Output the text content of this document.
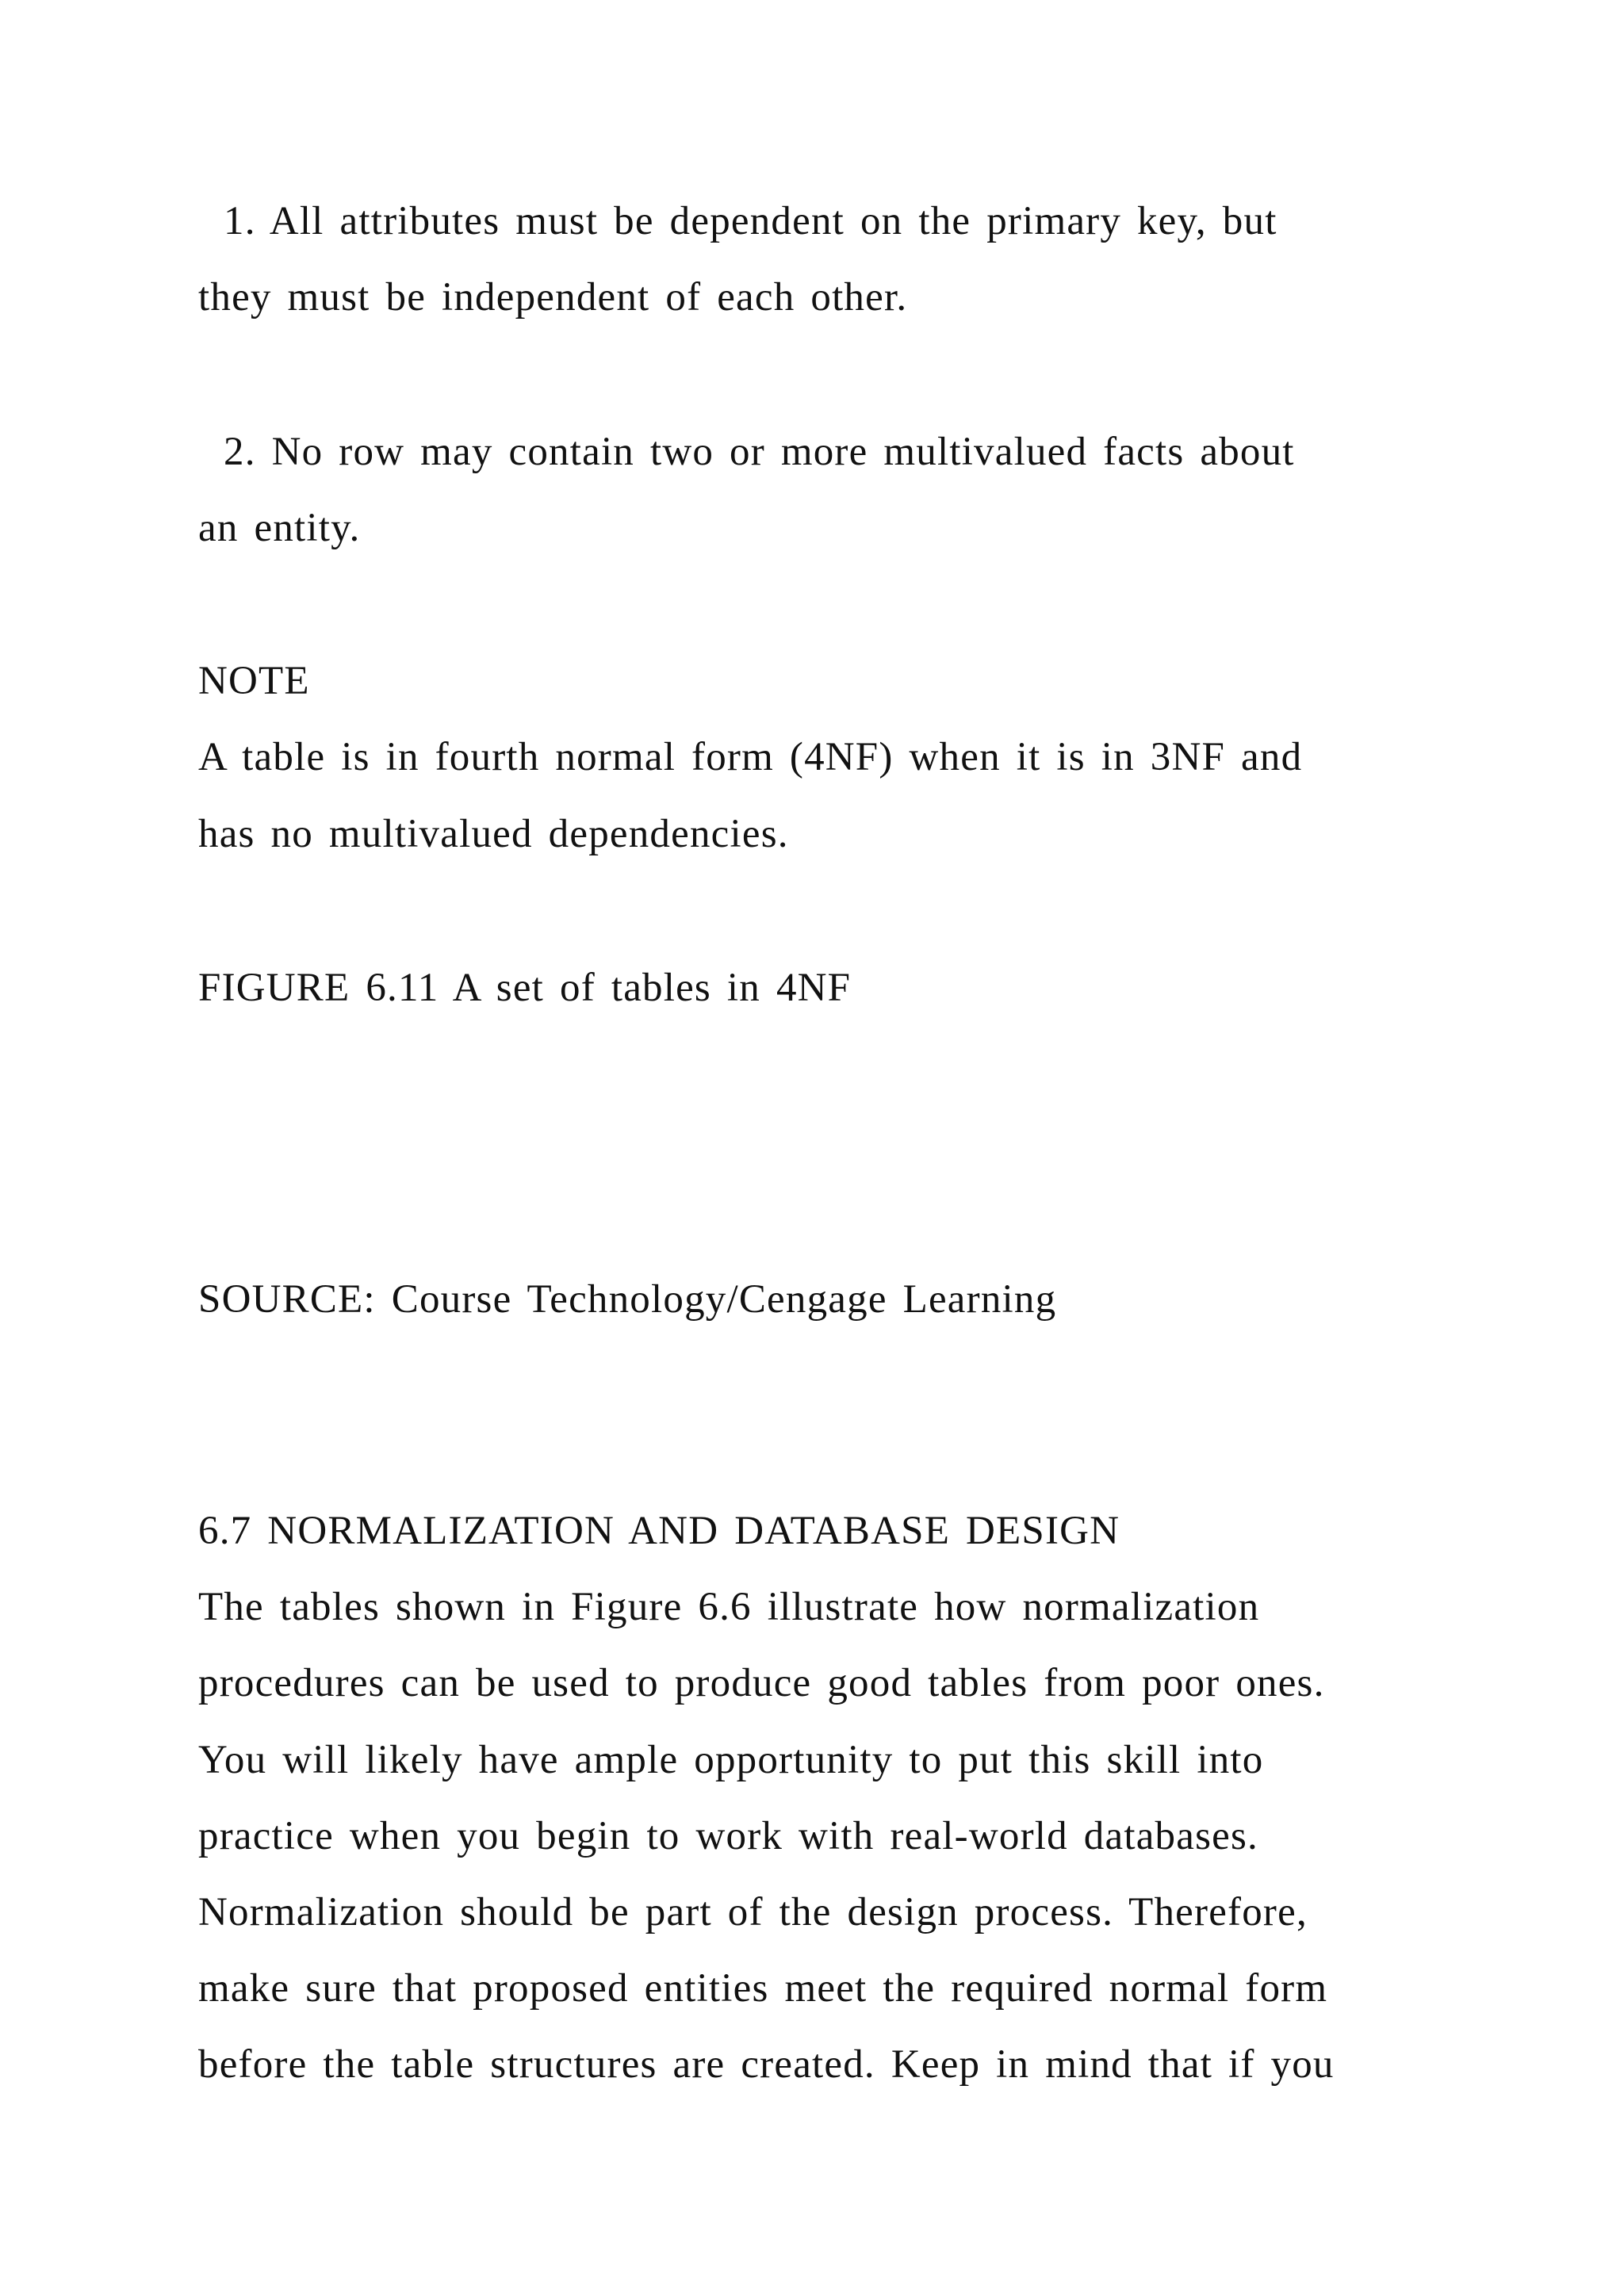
1. All attributes must be dependent on the primary key, but
they must be independent of each other.
2. No row may contain two or more multivalued facts about
an entity.
NOTE
A table is in fourth normal form (4NF) when it is in 3NF and
has no multivalued dependencies.
FIGURE 6.11 A set of tables in 4NF
SOURCE: Course Technology/Cengage Learning
6.7 NORMALIZATION AND DATABASE DESIGN
The tables shown in Figure 6.6 illustrate how normalization
procedures can be used to produce good tables from poor ones.
You will likely have ample opportunity to put this skill into
practice when you begin to work with real-world databases.
Normalization should be part of the design process. Therefore,
make sure that proposed entities meet the required normal form
before the table structures are created. Keep in mind that if you
